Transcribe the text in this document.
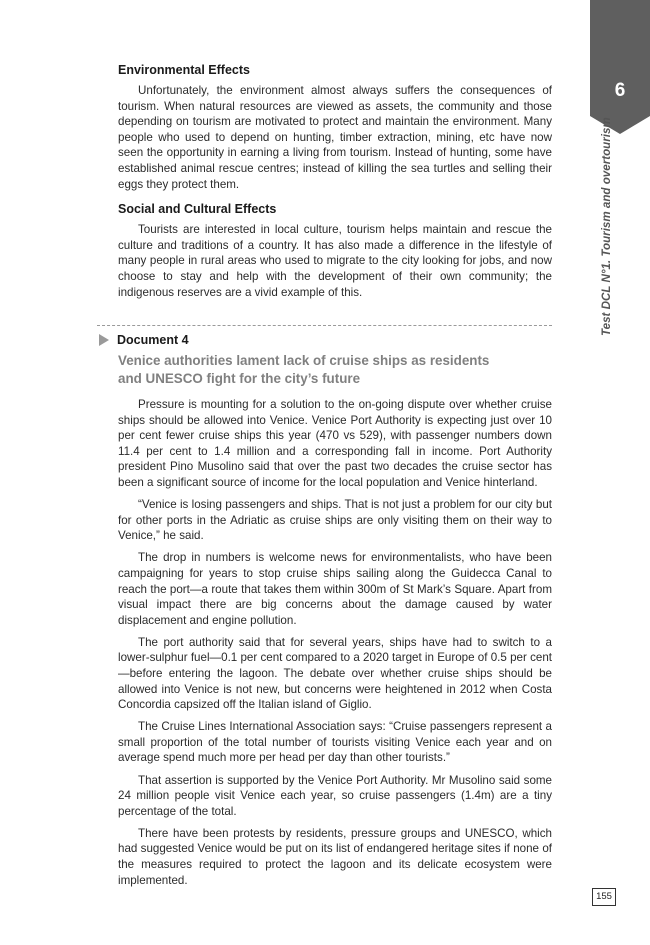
6
Test DCL N°1. Tourism and overtourism
Environmental Effects

Unfortunately, the environment almost always suffers the consequences of tourism. When natural resources are viewed as assets, the community and those depending on tourism are motivated to protect and maintain the environment. Many people who used to depend on hunting, timber extraction, mining, etc have now seen the opportunity in earning a living from tourism. Instead of hunting, some have established animal rescue centres; instead of killing the sea turtles and selling their eggs they protect them.

Social and Cultural Effects

Tourists are interested in local culture, tourism helps maintain and rescue the culture and traditions of a country. It has also made a difference in the lifestyle of many people in rural areas who used to migrate to the city looking for jobs, and now choose to stay and help with the development of their own community; the indigenous reserves are a vivid example of this.

Document 4
Venice authorities lament lack of cruise ships as residents
and UNESCO fight for the city’s future

Pressure is mounting for a solution to the on-going dispute over whether cruise ships should be allowed into Venice. Venice Port Authority is expecting just over 10 per cent fewer cruise ships this year (470 vs 529), with passenger numbers down 11.4 per cent to 1.4 million and a corresponding fall in income. Port Authority president Pino Musolino said that over the past two decades the cruise sector has been a significant source of income for the local population and Venice hinterland.

“Venice is losing passengers and ships. That is not just a problem for our city but for other ports in the Adriatic as cruise ships are only visiting them on their way to Venice,” he said.

The drop in numbers is welcome news for environmentalists, who have been campaigning for years to stop cruise ships sailing along the Guidecca Canal to reach the port—a route that takes them within 300m of St Mark’s Square. Apart from visual impact there are big concerns about the damage caused by water displacement and engine pollution.

The port authority said that for several years, ships have had to switch to a lower-sulphur fuel—0.1 per cent compared to a 2020 target in Europe of 0.5 per cent—before entering the lagoon. The debate over whether cruise ships should be allowed into Venice is not new, but concerns were heightened in 2012 when Costa Concordia capsized off the Italian island of Giglio.

The Cruise Lines International Association says: “Cruise passengers represent a small proportion of the total number of tourists visiting Venice each year and on average spend much more per head per day than other tourists.”

That assertion is supported by the Venice Port Authority. Mr Musolino said some 24 million people visit Venice each year, so cruise passengers (1.4m) are a tiny percentage of the total.

There have been protests by residents, pressure groups and UNESCO, which had suggested Venice would be put on its list of endangered heritage sites if none of the measures required to protect the lagoon and its delicate ecosystem were implemented.

155
